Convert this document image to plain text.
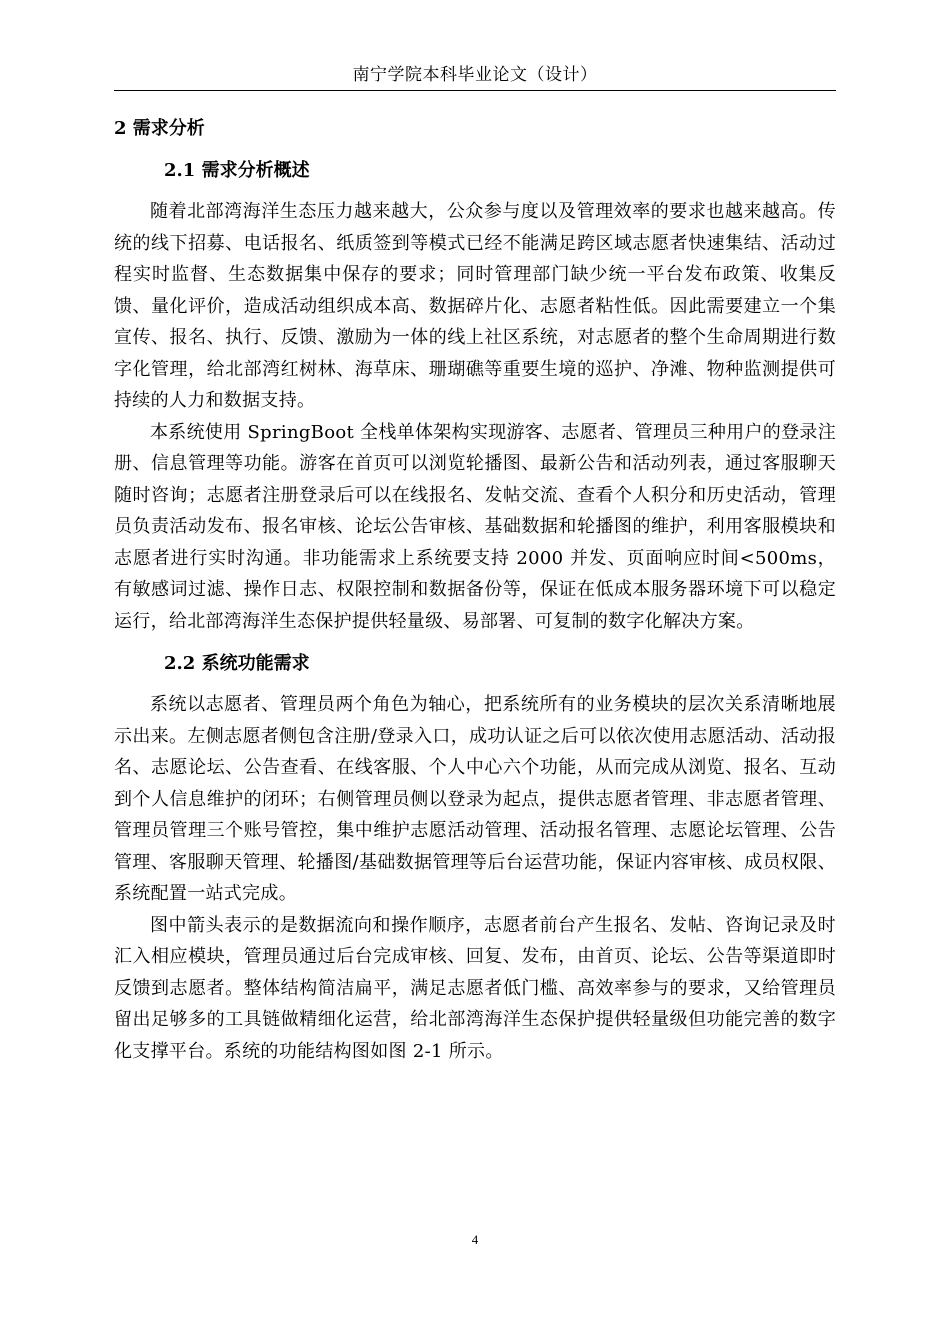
南宁学院本科毕业论文（设计）
2 需求分析
2.1 需求分析概述

随着北部湾海洋生态压力越来越大，公众参与度以及管理效率的要求也越来越高。传统的线下招募、电话报名、纸质签到等模式已经不能满足跨区域志愿者快速集结、活动过程实时监督、生态数据集中保存的要求；同时管理部门缺少统一平台发布政策、收集反馈、量化评价，造成活动组织成本高、数据碎片化、志愿者粘性低。因此需要建立一个集宣传、报名、执行、反馈、激励为一体的线上社区系统，对志愿者的整个生命周期进行数字化管理，给北部湾红树林、海草床、珊瑚礁等重要生境的巡护、净滩、物种监测提供可持续的人力和数据支持。

本系统使用 SpringBoot 全栈单体架构实现游客、志愿者、管理员三种用户的登录注册、信息管理等功能。游客在首页可以浏览轮播图、最新公告和活动列表，通过客服聊天随时咨询；志愿者注册登录后可以在线报名、发帖交流、查看个人积分和历史活动，管理员负责活动发布、报名审核、论坛公告审核、基础数据和轮播图的维护，利用客服模块和志愿者进行实时沟通。非功能需求上系统要支持 2000 并发、页面响应时间<500ms，有敏感词过滤、操作日志、权限控制和数据备份等，保证在低成本服务器环境下可以稳定运行，给北部湾海洋生态保护提供轻量级、易部署、可复制的数字化解决方案。

2.2 系统功能需求

系统以志愿者、管理员两个角色为轴心，把系统所有的业务模块的层次关系清晰地展示出来。左侧志愿者侧包含注册/登录入口，成功认证之后可以依次使用志愿活动、活动报名、志愿论坛、公告查看、在线客服、个人中心六个功能，从而完成从浏览、报名、互动到个人信息维护的闭环；右侧管理员侧以登录为起点，提供志愿者管理、非志愿者管理、管理员管理三个账号管控，集中维护志愿活动管理、活动报名管理、志愿论坛管理、公告管理、客服聊天管理、轮播图/基础数据管理等后台运营功能，保证内容审核、成员权限、系统配置一站式完成。

图中箭头表示的是数据流向和操作顺序，志愿者前台产生报名、发帖、咨询记录及时汇入相应模块，管理员通过后台完成审核、回复、发布，由首页、论坛、公告等渠道即时反馈到志愿者。整体结构简洁扁平，满足志愿者低门槛、高效率参与的要求，又给管理员留出足够多的工具链做精细化运营，给北部湾海洋生态保护提供轻量级但功能完善的数字化支撑平台。系统的功能结构图如图 2-1 所示。

4
